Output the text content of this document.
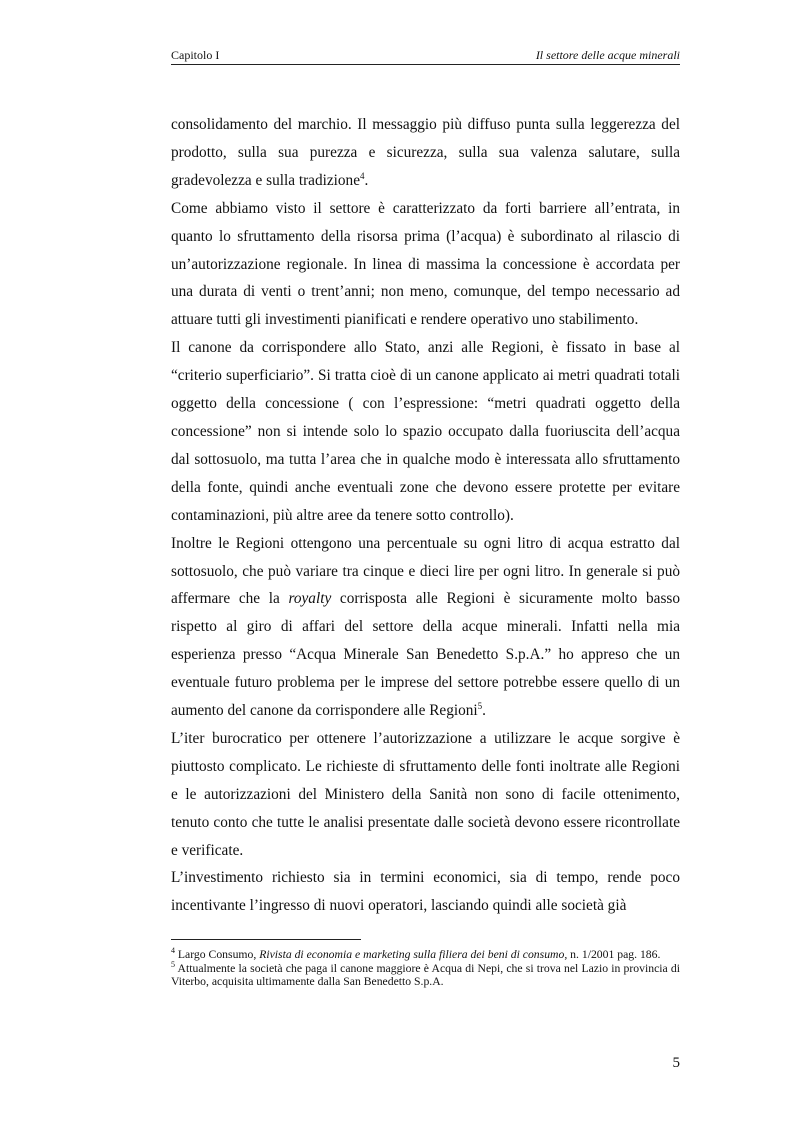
Capitolo I	Il settore delle acque minerali

consolidamento del marchio. Il messaggio più diffuso punta sulla leggerezza del prodotto, sulla sua purezza e sicurezza, sulla sua valenza salutare, sulla gradevolezza e sulla tradizione$^4$.

Come abbiamo visto il settore è caratterizzato da forti barriere all’entrata, in quanto lo sfruttamento della risorsa prima (l’acqua) è subordinato al rilascio di un’autorizzazione regionale. In linea di massima la concessione è accordata per una durata di venti o trent’anni; non meno, comunque, del tempo necessario ad attuare tutti gli investimenti pianificati e rendere operativo uno stabilimento.

Il canone da corrispondere allo Stato, anzi alle Regioni, è fissato in base al “criterio superficiario”. Si tratta cioè di un canone applicato ai metri quadrati totali oggetto della concessione ( con l’espressione: “metri quadrati oggetto della concessione” non si intende solo lo spazio occupato dalla fuoriuscita dell’acqua dal sottosuolo, ma tutta l’area che in qualche modo è interessata allo sfruttamento della fonte, quindi anche eventuali zone che devono essere protette per evitare contaminazioni, più altre aree da tenere sotto controllo).

Inoltre le Regioni ottengono una percentuale su ogni litro di acqua estratto dal sottosuolo, che può variare tra cinque e dieci lire per ogni litro. In generale si può affermare che la royalty corrisposta alle Regioni è sicuramente molto basso rispetto al giro di affari del settore della acque minerali. Infatti nella mia esperienza presso “Acqua Minerale San Benedetto S.p.A.” ho appreso che un eventuale futuro problema per le imprese del settore potrebbe essere quello di un aumento del canone da corrispondere alle Regioni$^5$.

L’iter burocratico per ottenere l’autorizzazione a utilizzare le acque sorgive è piuttosto complicato. Le richieste di sfruttamento delle fonti inoltrate alle Regioni e le autorizzazioni del Ministero della Sanità non sono di facile ottenimento, tenuto conto che tutte le analisi presentate dalle società devono essere ricontrollate e verificate.

L’investimento richiesto sia in termini economici, sia di tempo, rende poco incentivante l’ingresso di nuovi operatori, lasciando quindi alle società già

$^4$ Largo Consumo, Rivista di economia e marketing sulla filiera dei beni di consumo, n. 1/2001 pag. 186.

$^5$ Attualmente la società che paga il canone maggiore è Acqua di Nepi, che si trova nel Lazio in provincia di Viterbo, acquisita ultimamente dalla San Benedetto S.p.A.

5
